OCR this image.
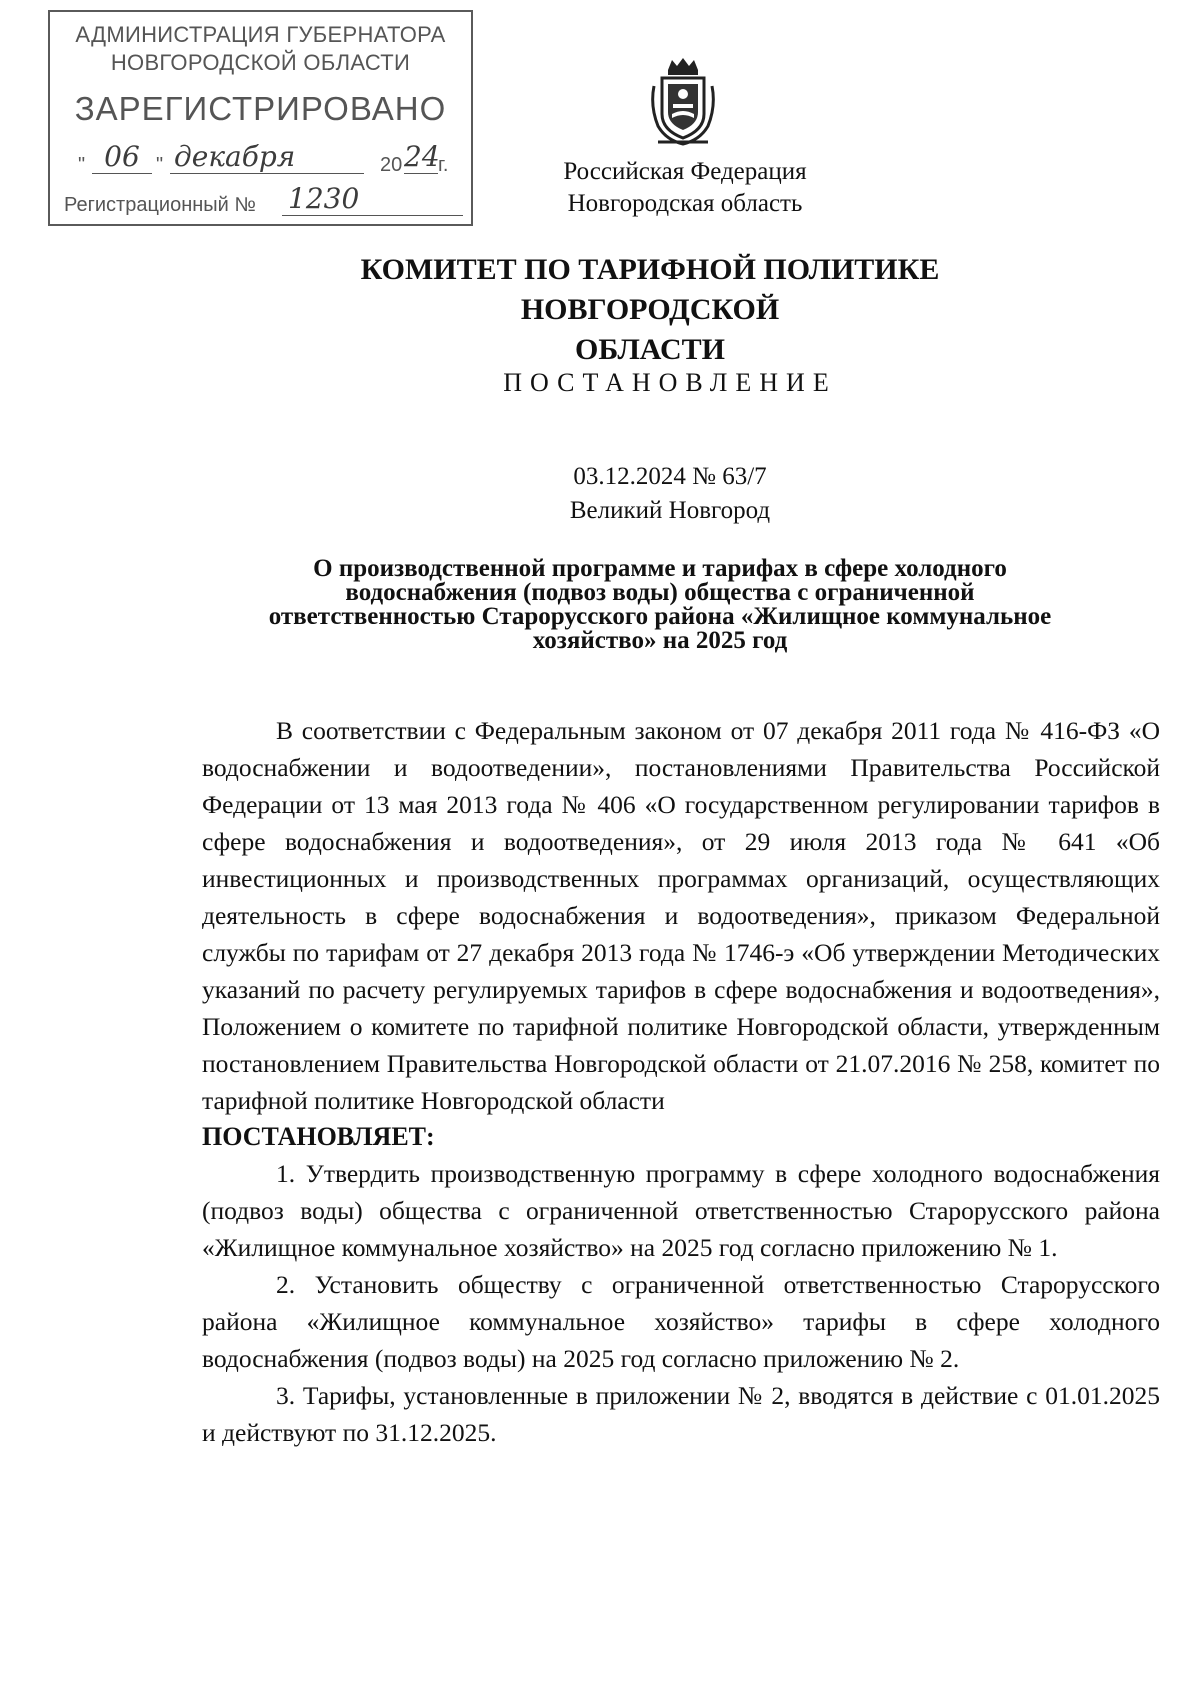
АДМИНИСТРАЦИЯ ГУБЕРНАТОРА
НОВГОРОДСКОЙ ОБЛАСТИ
ЗАРЕГИСТРИРОВАНО
" 06 " декабря	20 24
г.
Регистрационный № 1230
Российская Федерация
Новгородская область
КОМИТЕТ ПО ТАРИФНОЙ ПОЛИТИКЕ НОВГОРОДСКОЙ
ОБЛАСТИ
ПОСТАНОВЛЕНИЕ
03.12.2024 № 63/7
Великий Новгород
О производственной программе и тарифах в сфере холодного
водоснабжения (подвоз воды) общества с ограниченной
ответственностью Старорусского района «Жилищное коммунальное
хозяйство» на 2025 год

В соответствии с Федеральным законом от 07 декабря 2011 года № 416-ФЗ «О водоснабжении и водоотведении», постановлениями Правительства Российской Федерации от 13 мая 2013 года № 406 «О государственном регулировании тарифов в сфере водоснабжения и водоотведения», от 29 июля 2013 года № 641 «Об инвестиционных и производственных программах организаций, осуществляющих деятельность в сфере водоснабжения и водоотведения», приказом Федеральной службы по тарифам от 27 декабря 2013 года № 1746-э «Об утверждении Методических указаний по расчету регулируемых тарифов в сфере водоснабжения и водоотведения», Положением о комитете по тарифной политике Новгородской области, утвержденным постановлением Правительства Новгородской области от 21.07.2016 № 258, комитет по тарифной политике Новгородской области

ПОСТАНОВЛЯЕТ:

1. Утвердить производственную программу в сфере холодного водоснабжения (подвоз воды) общества с ограниченной ответственностью Старорусского района «Жилищное коммунальное хозяйство» на 2025 год согласно приложению № 1.

2. Установить обществу с ограниченной ответственностью Старорусского района «Жилищное коммунальное хозяйство» тарифы в сфере холодного водоснабжения (подвоз воды) на 2025 год согласно приложению № 2.

3. Тарифы, установленные в приложении № 2, вводятся в действие с 01.01.2025 и действуют по 31.12.2025.
